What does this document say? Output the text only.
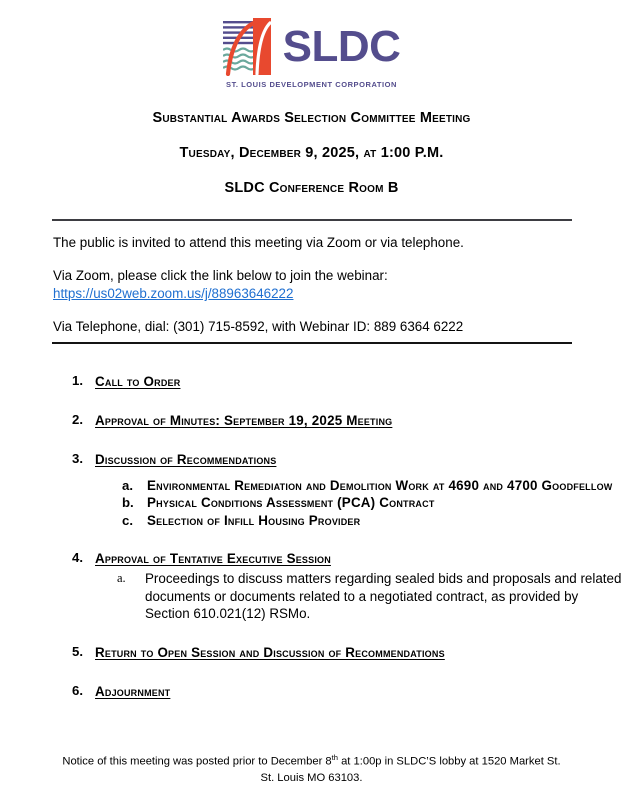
SLDC
ST. LOUIS DEVELOPMENT CORPORATION
Substantial Awards Selection Committee Meeting
Tuesday, December 9, 2025, at 1:00 P.M.
SLDC Conference Room B

The public is invited to attend this meeting via Zoom or via telephone.

Via Zoom, please click the link below to join the webinar:

https://us02web.zoom.us/j/88963646222

Via Telephone, dial: (301) 715-8592, with Webinar ID: 889 6364 6222

1. Call to Order
2. Approval of Minutes: September 19, 2025 Meeting
3. Discussion of Recommendations
a. Environmental Remediation and Demolition Work at 4690 and 4700 Goodfellow
b. Physical Conditions Assessment (PCA) Contract
c. Selection of Infill Housing Provider
4. Approval of Tentative Executive Session
a. Proceedings to discuss matters regarding sealed bids and proposals and related documents or documents related to a negotiated contract, as provided by Section 610.021(12) RSMo.
5. Return to Open Session and Discussion of Recommendations
6. Adjournment

Notice of this meeting was posted prior to December 8th at 1:00p in SLDC’S lobby at 1520 Market St.

St. Louis MO 63103.
